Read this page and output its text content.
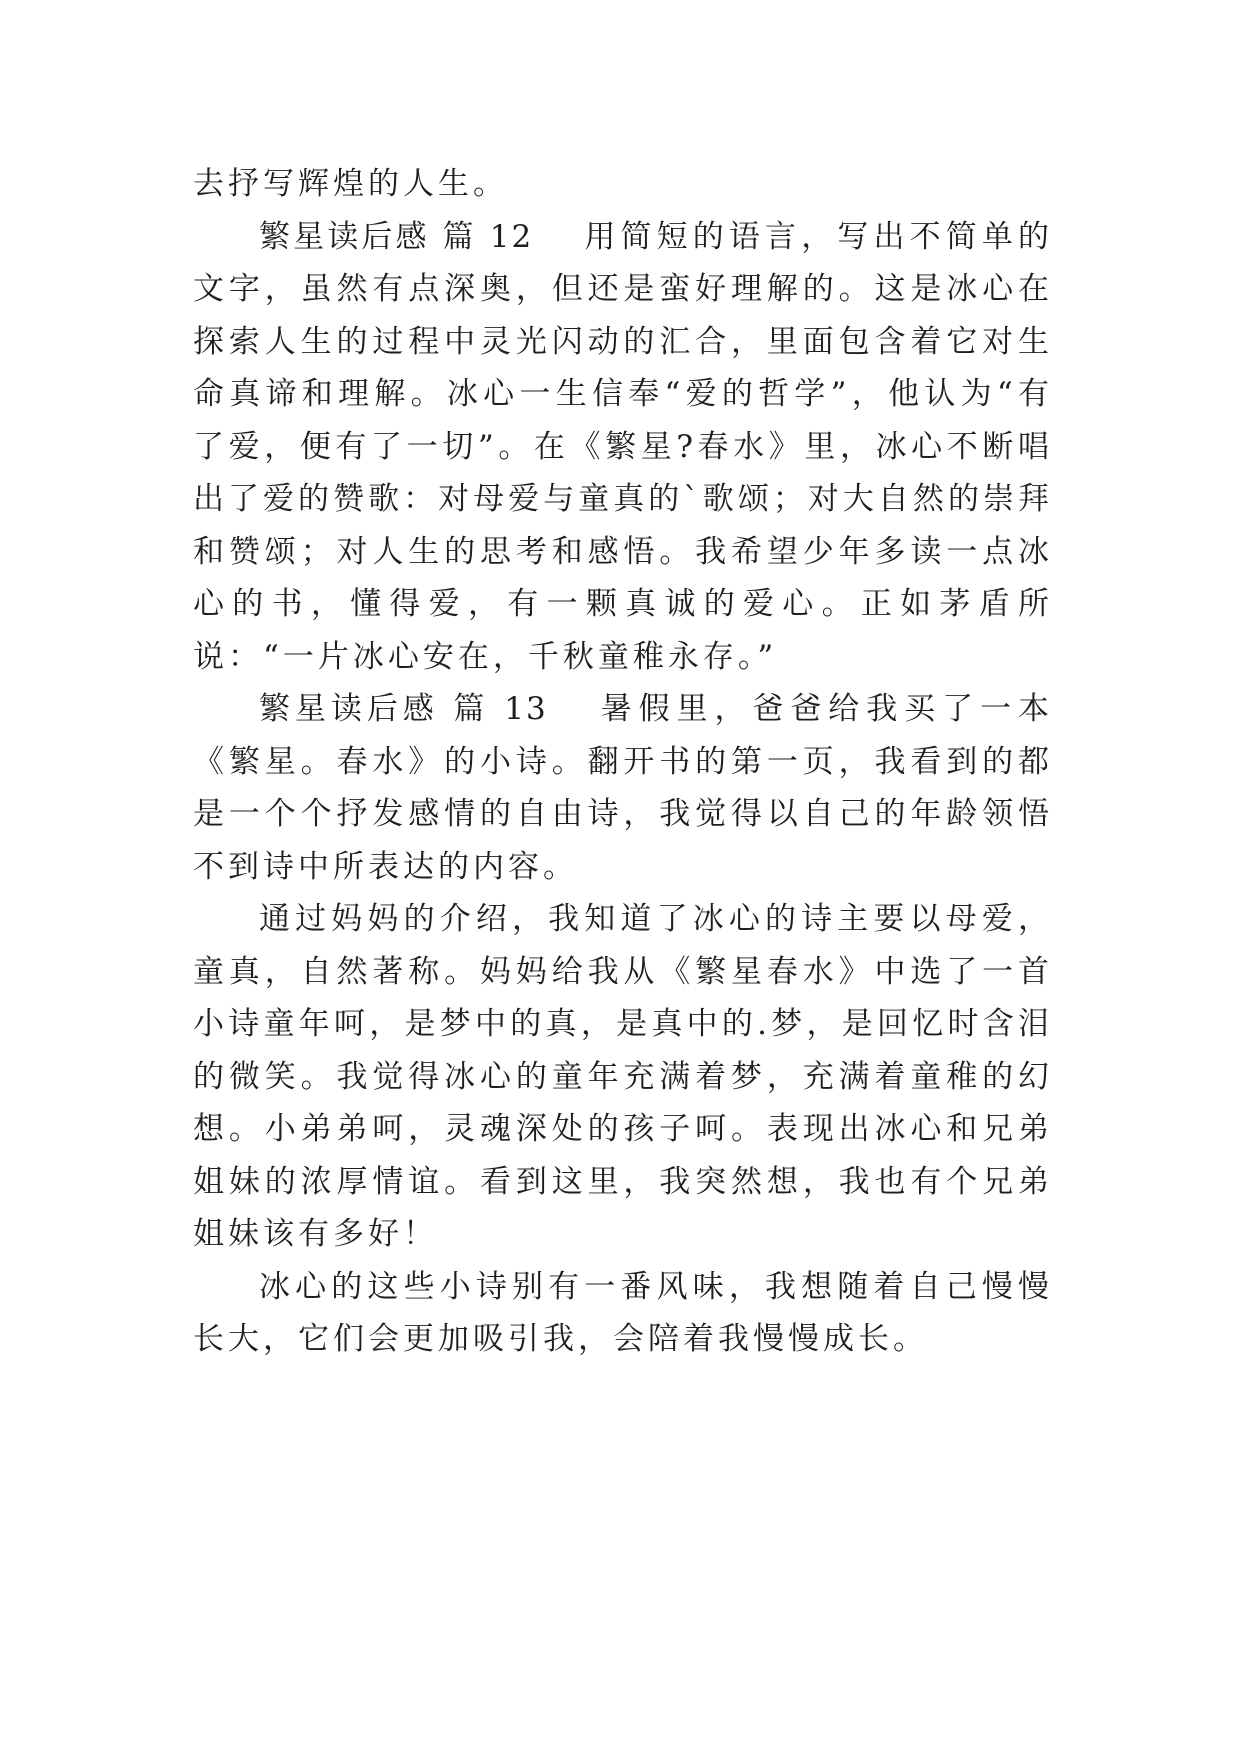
去抒写辉煌的人生。

繁星读后感 篇 12 用简短的语言，写出不简单的文字，虽然有点深奥，但还是蛮好理解的。这是冰心在探索人生的过程中灵光闪动的汇合，里面包含着它对生命真谛和理解。冰心一生信奉“爱的哲学”，他认为“有了爱，便有了一切”。在《繁星?春水》里，冰心不断唱出了爱的赞歌：对母爱与童真的`歌颂；对大自然的崇拜和赞颂；对人生的思考和感悟。我希望少年多读一点冰心的书，懂得爱，有一颗真诚的爱心。正如茅盾所说：“一片冰心安在，千秋童稚永存。”

繁星读后感 篇 13 暑假里，爸爸给我买了一本《繁星。春水》的小诗。翻开书的第一页，我看到的都是一个个抒发感情的自由诗，我觉得以自己的年龄领悟不到诗中所表达的内容。

通过妈妈的介绍，我知道了冰心的诗主要以母爱，童真，自然著称。妈妈给我从《繁星春水》中选了一首小诗童年呵，是梦中的真，是真中的.梦，是回忆时含泪的微笑。我觉得冰心的童年充满着梦，充满着童稚的幻想。小弟弟呵，灵魂深处的孩子呵。表现出冰心和兄弟姐妹的浓厚情谊。看到这里，我突然想，我也有个兄弟姐妹该有多好！

冰心的这些小诗别有一番风味，我想随着自己慢慢长大，它们会更加吸引我，会陪着我慢慢成长。
